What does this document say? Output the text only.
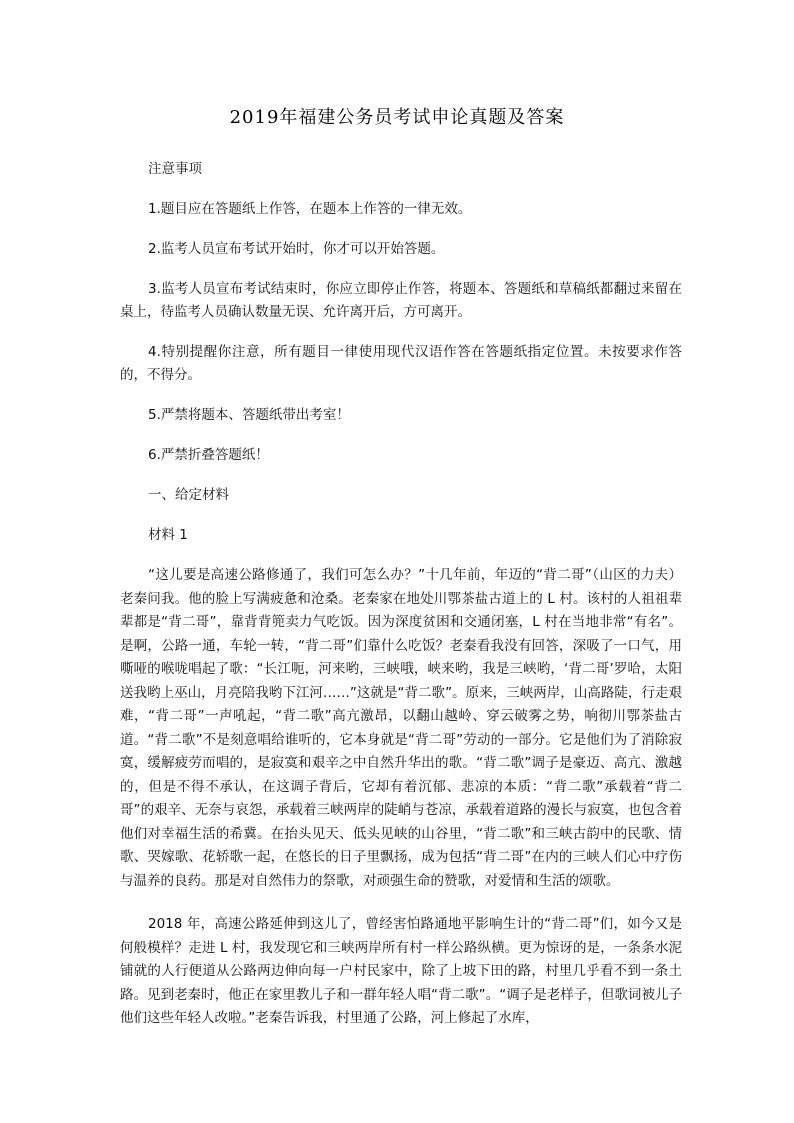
2019年福建公务员考试申论真题及答案

注意事项

1.题目应在答题纸上作答，在题本上作答的一律无效。

2.监考人员宣布考试开始时，你才可以开始答题。

3.监考人员宣布考试结束时，你应立即停止作答，将题本、答题纸和草稿纸都翻过来留在桌上，待监考人员确认数量无误、允许离开后，方可离开。

4.特别提醒你注意，所有题目一律使用现代汉语作答在答题纸指定位置。未按要求作答的，不得分。

5.严禁将题本、答题纸带出考室！

6.严禁折叠答题纸！

一、给定材料

材料 1

“这儿要是高速公路修通了，我们可怎么办？”十几年前，年迈的“背二哥”（山区的力夫）老秦问我。他的脸上写满疲惫和沧桑。老秦家在地处川鄂茶盐古道上的 L 村。该村的人祖祖辈辈都是“背二哥”，靠背背篼卖力气吃饭。因为深度贫困和交通闭塞，L 村在当地非常“有名”。是啊，公路一通，车轮一转，“背二哥”们靠什么吃饭？老秦看我没有回答，深吸了一口气，用嘶哑的喉咙唱起了歌：“长江呃，河来哟，三峡哦，峡来哟，我是三峡哟，‘背二哥’罗哈，太阳送我哟上巫山，月亮陪我哟下江河……”这就是“背二歌”。原来，三峡两岸，山高路陡，行走艰难，“背二哥”一声吼起，“背二歌”高亢激昂，以翻山越岭、穿云破雾之势，响彻川鄂茶盐古道。“背二歌”不是刻意唱给谁听的，它本身就是“背二哥”劳动的一部分。它是他们为了消除寂寞，缓解疲劳而唱的，是寂寞和艰辛之中自然升华出的歌。“背二歌”调子是豪迈、高亢、激越的，但是不得不承认，在这调子背后，它却有着沉郁、悲凉的本质：“背二歌”承载着“背二哥”的艰辛、无奈与哀怨，承载着三峡两岸的陡峭与苍凉，承载着道路的漫长与寂寞，也包含着他们对幸福生活的希冀。在抬头见天、低头见峡的山谷里，“背二歌”和三峡古韵中的民歌、情歌、哭嫁歌、花轿歌一起，在悠长的日子里飘扬，成为包括“背二哥”在内的三峡人们心中疗伤与温养的良药。那是对自然伟力的祭歌，对顽强生命的赞歌，对爱情和生活的颂歌。

2018 年，高速公路延伸到这儿了，曾经害怕路通地平影响生计的“背二哥”们，如今又是何般模样？走进 L 村，我发现它和三峡两岸所有村一样公路纵横。更为惊讶的是，一条条水泥铺就的人行便道从公路两边伸向每一户村民家中，除了上坡下田的路，村里几乎看不到一条土路。见到老秦时，他正在家里教儿子和一群年轻人唱“背二歌”。“调子是老样子，但歌词被儿子他们这些年轻人改啦。”老秦告诉我，村里通了公路，河上修起了水库，
